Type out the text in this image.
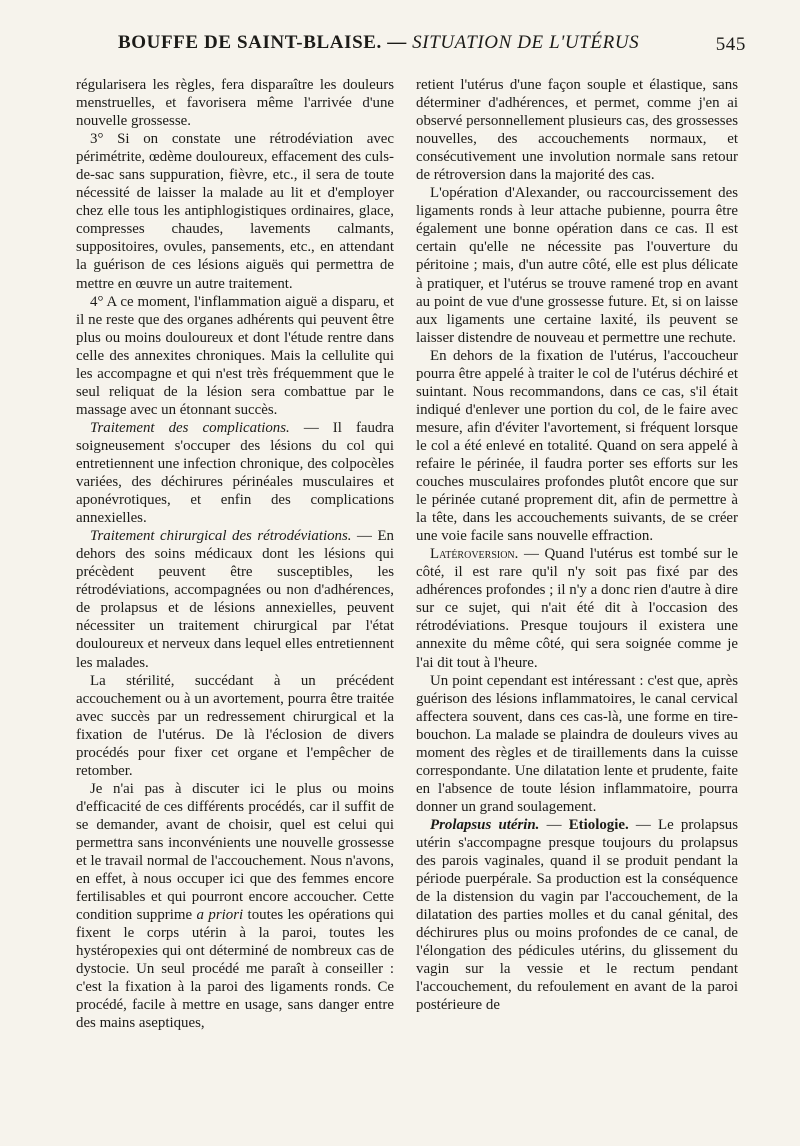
BOUFFE DE SAINT-BLAISE. — SITUATION DE L'UTÉRUS	545

régularisera les règles, fera disparaître les douleurs menstruelles, et favorisera même l'arrivée d'une nouvelle grossesse.

3° Si on constate une rétrodéviation avec périmétrite, œdème douloureux, effacement des culs-de-sac sans suppuration, fièvre, etc., il sera de toute nécessité de laisser la malade au lit et d'employer chez elle tous les antiphlogistiques ordinaires, glace, compresses chaudes, lavements calmants, suppositoires, ovules, pansements, etc., en attendant la guérison de ces lésions aiguës qui permettra de mettre en œuvre un autre traitement.

4° A ce moment, l'inflammation aiguë a disparu, et il ne reste que des organes adhérents qui peuvent être plus ou moins douloureux et dont l'étude rentre dans celle des annexites chroniques. Mais la cellulite qui les accompagne et qui n'est très fréquemment que le seul reliquat de la lésion sera combattue par le massage avec un étonnant succès.

Traitement des complications. — Il faudra soigneusement s'occuper des lésions du col qui entretiennent une infection chronique, des colpocèles variées, des déchirures périnéales musculaires et aponévrotiques, et enfin des complications annexielles.

Traitement chirurgical des rétrodéviations. — En dehors des soins médicaux dont les lésions qui précèdent peuvent être susceptibles, les rétrodéviations, accompagnées ou non d'adhérences, de prolapsus et de lésions annexielles, peuvent nécessiter un traitement chirurgical par l'état douloureux et nerveux dans lequel elles entretiennent les malades.

La stérilité, succédant à un précédent accouchement ou à un avortement, pourra être traitée avec succès par un redressement chirurgical et la fixation de l'utérus. De là l'éclosion de divers procédés pour fixer cet organe et l'empêcher de retomber.

Je n'ai pas à discuter ici le plus ou moins d'efficacité de ces différents procédés, car il suffit de se demander, avant de choisir, quel est celui qui permettra sans inconvénients une nouvelle grossesse et le travail normal de l'accouchement. Nous n'avons, en effet, à nous occuper ici que des femmes encore fertilisables et qui pourront encore accoucher. Cette condition supprime a priori toutes les opérations qui fixent le corps utérin à la paroi, toutes les hystéropexies qui ont déterminé de nombreux cas de dystocie. Un seul procédé me paraît à conseiller : c'est la fixation à la paroi des ligaments ronds. Ce procédé, facile à mettre en usage, sans danger entre des mains aseptiques,

retient l'utérus d'une façon souple et élastique, sans déterminer d'adhérences, et permet, comme j'en ai observé personnellement plusieurs cas, des grossesses nouvelles, des accouchements normaux, et consécutivement une involution normale sans retour de rétroversion dans la majorité des cas.

L'opération d'Alexander, ou raccourcissement des ligaments ronds à leur attache pubienne, pourra être également une bonne opération dans ce cas. Il est certain qu'elle ne nécessite pas l'ouverture du péritoine ; mais, d'un autre côté, elle est plus délicate à pratiquer, et l'utérus se trouve ramené trop en avant au point de vue d'une grossesse future. Et, si on laisse aux ligaments une certaine laxité, ils peuvent se laisser distendre de nouveau et permettre une rechute.

En dehors de la fixation de l'utérus, l'accoucheur pourra être appelé à traiter le col de l'utérus déchiré et suintant. Nous recommandons, dans ce cas, s'il était indiqué d'enlever une portion du col, de le faire avec mesure, afin d'éviter l'avortement, si fréquent lorsque le col a été enlevé en totalité. Quand on sera appelé à refaire le périnée, il faudra porter ses efforts sur les couches musculaires profondes plutôt encore que sur le périnée cutané proprement dit, afin de permettre à la tête, dans les accouchements suivants, de se créer une voie facile sans nouvelle effraction.

Latéroversion. — Quand l'utérus est tombé sur le côté, il est rare qu'il n'y soit pas fixé par des adhérences profondes ; il n'y a donc rien d'autre à dire sur ce sujet, qui n'ait été dit à l'occasion des rétrodéviations. Presque toujours il existera une annexite du même côté, qui sera soignée comme je l'ai dit tout à l'heure.

Un point cependant est intéressant : c'est que, après guérison des lésions inflammatoires, le canal cervical affectera souvent, dans ces cas-là, une forme en tire-bouchon. La malade se plaindra de douleurs vives au moment des règles et de tiraillements dans la cuisse correspondante. Une dilatation lente et prudente, faite en l'absence de toute lésion inflammatoire, pourra donner un grand soulagement.

Prolapsus utérin. — Etiologie. — Le prolapsus utérin s'accompagne presque toujours du prolapsus des parois vaginales, quand il se produit pendant la période puerpérale. Sa production est la conséquence de la distension du vagin par l'accouchement, de la dilatation des parties molles et du canal génital, des déchirures plus ou moins profondes de ce canal, de l'élongation des pédicules utérins, du glissement du vagin sur la vessie et le rectum pendant l'accouchement, du refoulement en avant de la paroi postérieure de
